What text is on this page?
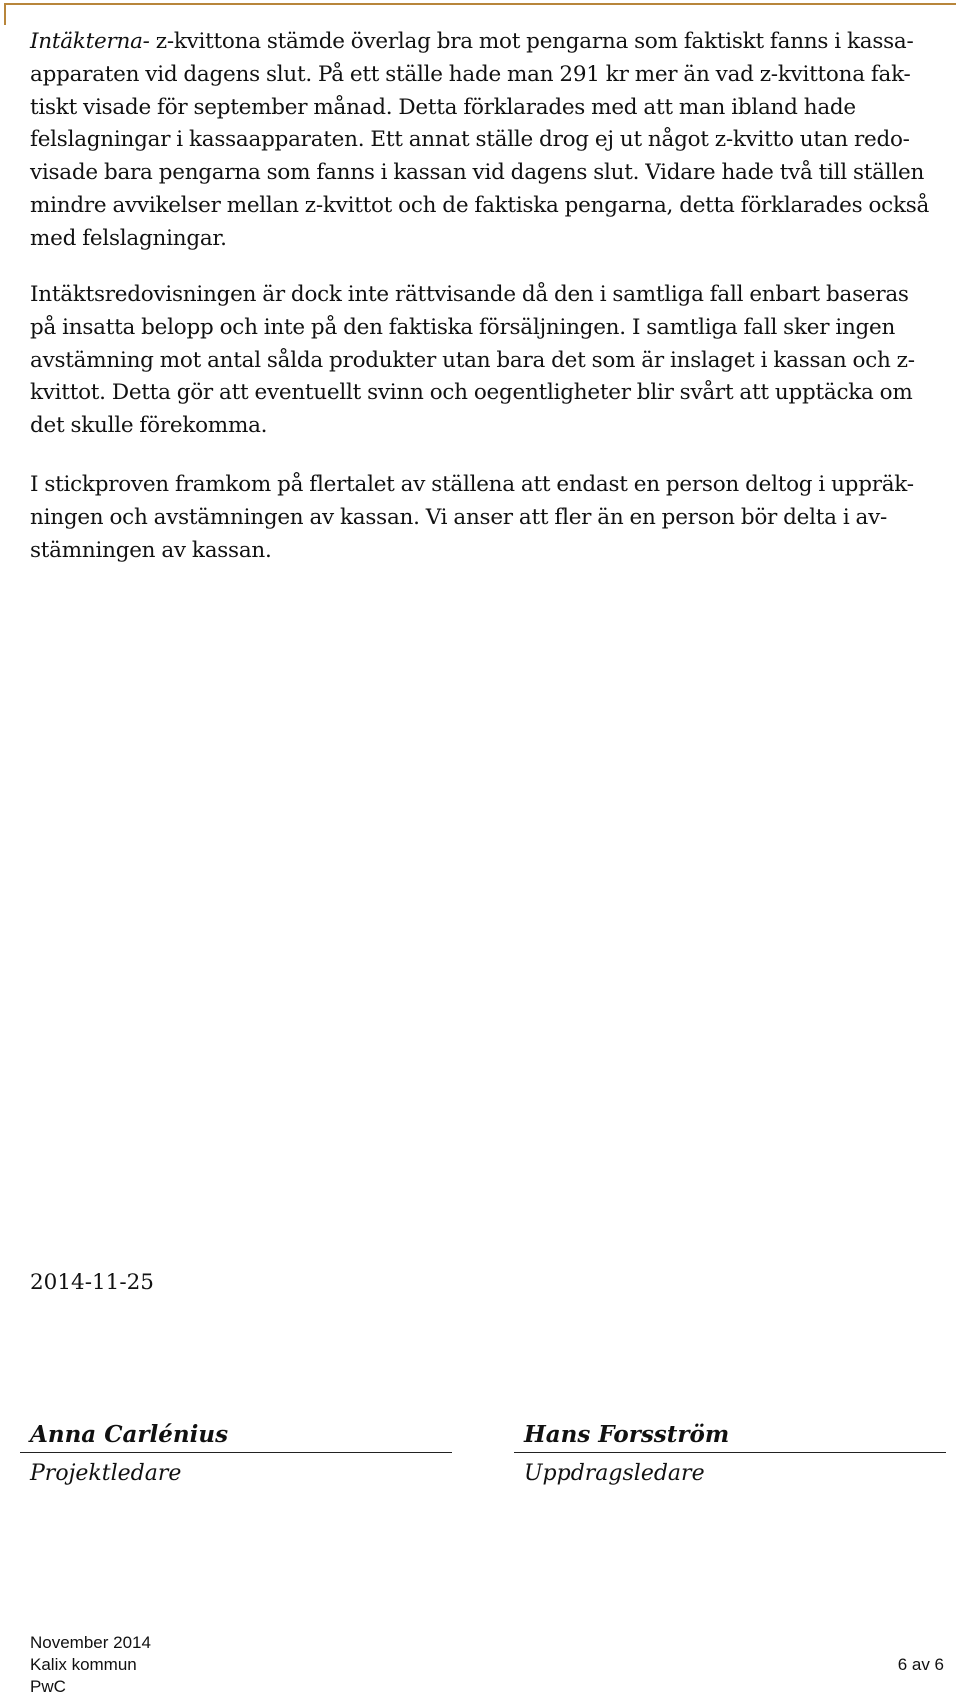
Intäkterna- z-kvittona stämde överlag bra mot pengarna som faktiskt fanns i kassa-
apparaten vid dagens slut. På ett ställe hade man 291 kr mer än vad z-kvittona fak-
tiskt visade för september månad. Detta förklarades med att man ibland hade
felslagningar i kassaapparaten. Ett annat ställe drog ej ut något z-kvitto utan redo-
visade bara pengarna som fanns i kassan vid dagens slut. Vidare hade två till ställen
mindre avvikelser mellan z-kvittot och de faktiska pengarna, detta förklarades också
med felslagningar.
Intäktsredovisningen är dock inte rättvisande då den i samtliga fall enbart baseras
på insatta belopp och inte på den faktiska försäljningen. I samtliga fall sker ingen
avstämning mot antal sålda produkter utan bara det som är inslaget i kassan och z-
kvittot. Detta gör att eventuellt svinn och oegentligheter blir svårt att upptäcka om
det skulle förekomma.
I stickproven framkom på flertalet av ställena att endast en person deltog i uppräk-
ningen och avstämningen av kassan. Vi anser att fler än en person bör delta i av-
stämningen av kassan.
2014-11-25
Anna Carlénius
Projektledare
Hans Forsström
Uppdragsledare
November 2014
Kalix kommun
PwC
6 av 6
